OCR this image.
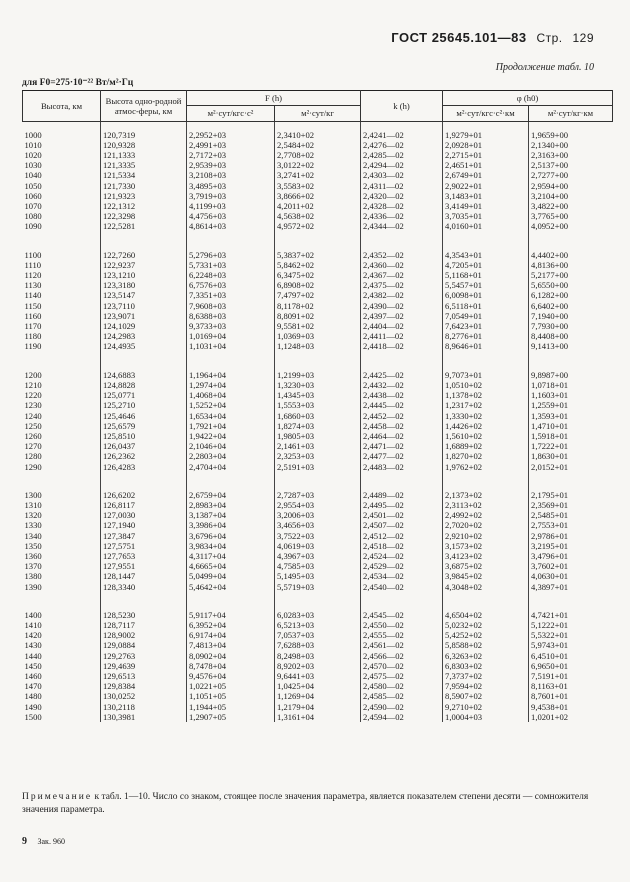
ГОСТ 25645.101—83 Стр. 129
Продолжение табл. 10
для F0=275·10⁻²² Вт/м²·Гц
Высота, км	Высота одно-родной атмос-феры, км	F (h)		k (h)	φ (h0)	
		м²·сут/кгс·с²	м²·сут/кг		м²·сут/кгс·с²·км	м²·сут/кг·км

1000	120,7319	2,2952+03	2,3410+02	2,4241—02	1,9279+01	1,9659+00
1010	120,9328	2,4991+03	2,5484+02	2,4276—02	2,0928+01	2,1340+00
1020	121,1333	2,7172+03	2,7708+02	2,4285—02	2,2715+01	2,3163+00
1030	121,3335	2,9539+03	3,0122+02	2,4294—02	2,4651+01	2,5137+00
1040	121,5334	3,2108+03	3,2741+02	2,4303—02	2,6749+01	2,7277+00
1050	121,7330	3,4895+03	3,5583+02	2,4311—02	2,9022+01	2,9594+00
1060	121,9323	3,7919+03	3,8666+02	2,4320—02	3,1483+01	3,2104+00
1070	122,1312	4,1199+03	4,2011+02	2,4328—02	3,4149+01	3,4822+00
1080	122,3298	4,4756+03	4,5638+02	2,4336—02	3,7035+01	3,7765+00
1090	122,5281	4,8614+03	4,9572+02	2,4344—02	4,0160+01	4,0952+00

1100	122,7260	5,2796+03	5,3837+02	2,4352—02	4,3543+01	4,4402+00
1110	122,9237	5,7331+03	5,8462+02	2,4360—02	4,7205+01	4,8136+00
1120	123,1210	6,2248+03	6,3475+02	2,4367—02	5,1168+01	5,2177+00
1130	123,3180	6,7576+03	6,8908+02	2,4375—02	5,5457+01	5,6550+00
1140	123,5147	7,3351+03	7,4797+02	2,4382—02	6,0098+01	6,1282+00
1150	123,7110	7,9608+03	8,1178+02	2,4390—02	6,5118+01	6,6402+00
1160	123,9071	8,6388+03	8,8091+02	2,4397—02	7,0549+01	7,1940+00
1170	124,1029	9,3733+03	9,5581+02	2,4404—02	7,6423+01	7,7930+00
1180	124,2983	1,0169+04	1,0369+03	2,4411—02	8,2776+01	8,4408+00
1190	124,4935	1,1031+04	1,1248+03	2,4418—02	8,9646+01	9,1413+00

1200	124,6883	1,1964+04	1,2199+03	2,4425—02	9,7073+01	9,8987+00
1210	124,8828	1,2974+04	1,3230+03	2,4432—02	1,0510+02	1,0718+01
1220	125,0771	1,4068+04	1,4345+03	2,4438—02	1,1378+02	1,1603+01
1230	125,2710	1,5252+04	1,5553+03	2,4445—02	1,2317+02	1,2559+01
1240	125,4646	1,6534+04	1,6860+03	2,4452—02	1,3330+02	1,3593+01
1250	125,6579	1,7921+04	1,8274+03	2,4458—02	1,4426+02	1,4710+01
1260	125,8510	1,9422+04	1,9805+03	2,4464—02	1,5610+02	1,5918+01
1270	126,0437	2,1046+04	2,1461+03	2,4471—02	1,6889+02	1,7222+01
1280	126,2362	2,2803+04	2,3253+03	2,4477—02	1,8270+02	1,8630+01
1290	126,4283	2,4704+04	2,5191+03	2,4483—02	1,9762+02	2,0152+01

1300	126,6202	2,6759+04	2,7287+03	2,4489—02	2,1373+02	2,1795+01
1310	126,8117	2,8983+04	2,9554+03	2,4495—02	2,3113+02	2,3569+01
1320	127,0030	3,1387+04	3,2006+03	2,4501—02	2,4992+02	2,5485+01
1330	127,1940	3,3986+04	3,4656+03	2,4507—02	2,7020+02	2,7553+01
1340	127,3847	3,6796+04	3,7522+03	2,4512—02	2,9210+02	2,9786+01
1350	127,5751	3,9834+04	4,0619+03	2,4518—02	3,1573+02	3,2195+01
1360	127,7653	4,3117+04	4,3967+03	2,4524—02	3,4123+02	3,4796+01
1370	127,9551	4,6665+04	4,7585+03	2,4529—02	3,6875+02	3,7602+01
1380	128,1447	5,0499+04	5,1495+03	2,4534—02	3,9845+02	4,0630+01
1390	128,3340	5,4642+04	5,5719+03	2,4540—02	4,3048+02	4,3897+01

1400	128,5230	5,9117+04	6,0283+03	2,4545—02	4,6504+02	4,7421+01
1410	128,7117	6,3952+04	6,5213+03	2,4550—02	5,0232+02	5,1222+01
1420	128,9002	6,9174+04	7,0537+03	2,4555—02	5,4252+02	5,5322+01
1430	129,0884	7,4813+04	7,6288+03	2,4561—02	5,8588+02	5,9743+01
1440	129,2763	8,0902+04	8,2498+03	2,4566—02	6,3263+02	6,4510+01
1450	129,4639	8,7478+04	8,9202+03	2,4570—02	6,8303+02	6,9650+01
1460	129,6513	9,4576+04	9,6441+03	2,4575—02	7,3737+02	7,5191+01
1470	129,8384	1,0221+05	1,0425+04	2,4580—02	7,9594+02	8,1163+01
1480	130,0252	1,1051+05	1,1269+04	2,4585—02	8,5907+02	8,7601+01
1490	130,2118	1,1944+05	1,2179+04	2,4590—02	9,2710+02	9,4538+01
1500	130,3981	1,2907+05	1,3161+04	2,4594—02	1,0004+03	1,0201+02
Примечание к табл. 1—10. Число со знаком, стоящее после значения параметра, является показателем степени десяти — сомножителя значения параметра.
9 Зак. 960
